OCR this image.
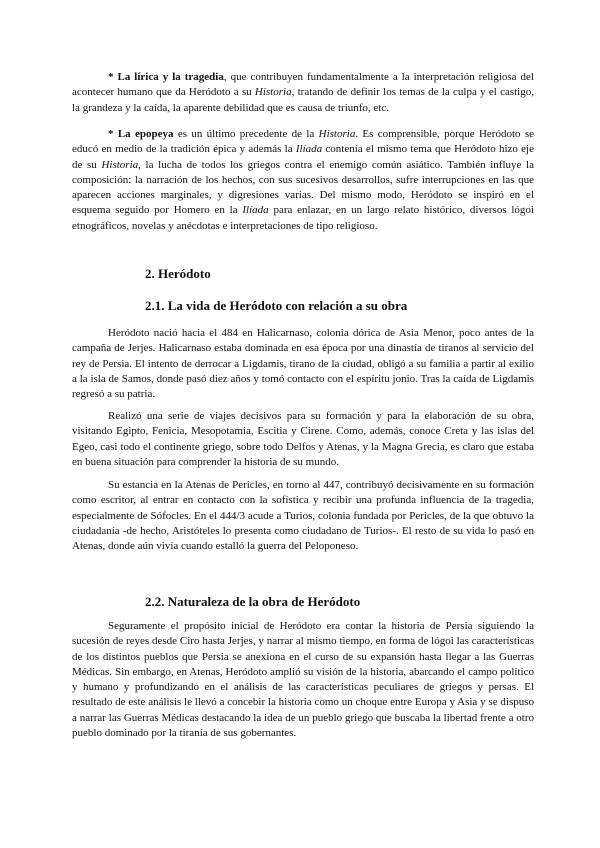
* La lírica y la tragedia, que contribuyen fundamentalmente a la interpretación religiosa del acontecer humano que da Heródoto a su Historia, tratando de definir los temas de la culpa y el castigo, la grandeza y la caída, la aparente debilidad que es causa de triunfo, etc.

* La epopeya es un último precedente de la Historia. Es comprensible, porque Heródoto se educó en medio de la tradición épica y además la Ilíada contenía el mismo tema que Heródoto hizo eje de su Historia, la lucha de todos los griegos contra el enemigo común asiático. También influye la composición: la narración de los hechos, con sus sucesivos desarrollos, sufre interrupciones en las que aparecen acciones marginales, y digresiones varias. Del mismo modo, Heródoto se inspiró en el esquema seguido por Homero en la Ilíada para enlazar, en un largo relato histórico, diversos lógoi etnográficos, novelas y anécdotas e interpretaciones de tipo religioso.

2. Heródoto
2.1. La vida de Heródoto con relación a su obra

Heródoto nació hacia el 484 en Halicarnaso, colonia dórica de Asia Menor, poco antes de la campaña de Jerjes. Halicarnaso estaba dominada en esa época por una dinastía de tiranos al servicio del rey de Persia. El intento de derrocar a Ligdamis, tirano de la ciudad, obligó a su familia a partir al exilio a la isla de Samos, donde pasó diez años y tomó contacto con el espíritu jonio. Tras la caída de Ligdamis regresó a su patria.

Realizó una serie de viajes decisivos para su formación y para la elaboración de su obra, visitando Egipto, Fenicia, Mesopotamia, Escitia y Cirene. Como, además, conoce Creta y las islas del Egeo, casi todo el continente griego, sobre todo Delfos y Atenas, y la Magna Grecia, es claro que estaba en buena situación para comprender la historia de su mundo.

Su estancia en la Atenas de Pericles, en torno al 447, contribuyó decisivamente en su formación como escritor, al entrar en contacto con la sofística y recibir una profunda influencia de la tragedia, especialmente de Sófocles. En el 444/3 acude a Turios, colonia fundada por Pericles, de la que obtuvo la ciudadanía -de hecho, Aristóteles lo presenta como ciudadano de Turios-. El resto de su vida lo pasó en Atenas, donde aún vivía cuando estalló la guerra del Peloponeso.

2.2. Naturaleza de la obra de Heródoto

Seguramente el propósito inicial de Heródoto era contar la historia de Persia siguiendo la sucesión de reyes desde Ciro hasta Jerjes, y narrar al mismo tiempo, en forma de lógoi las características de los distintos pueblos que Persia se anexiona en el curso de su expansión hasta llegar a las Guerras Médicas. Sin embargo, en Atenas, Heródoto amplió su visión de la historia, abarcando el campo político y humano y profundizando en el análisis de las características peculiares de griegos y persas. El resultado de este análisis le llevó a concebir la historia como un choque entre Europa y Asia y se dispuso a narrar las Guerras Médicas destacando la idea de un pueblo griego que buscaba la libertad frente a otro pueblo dominado por la tiranía de sus gobernantes.
